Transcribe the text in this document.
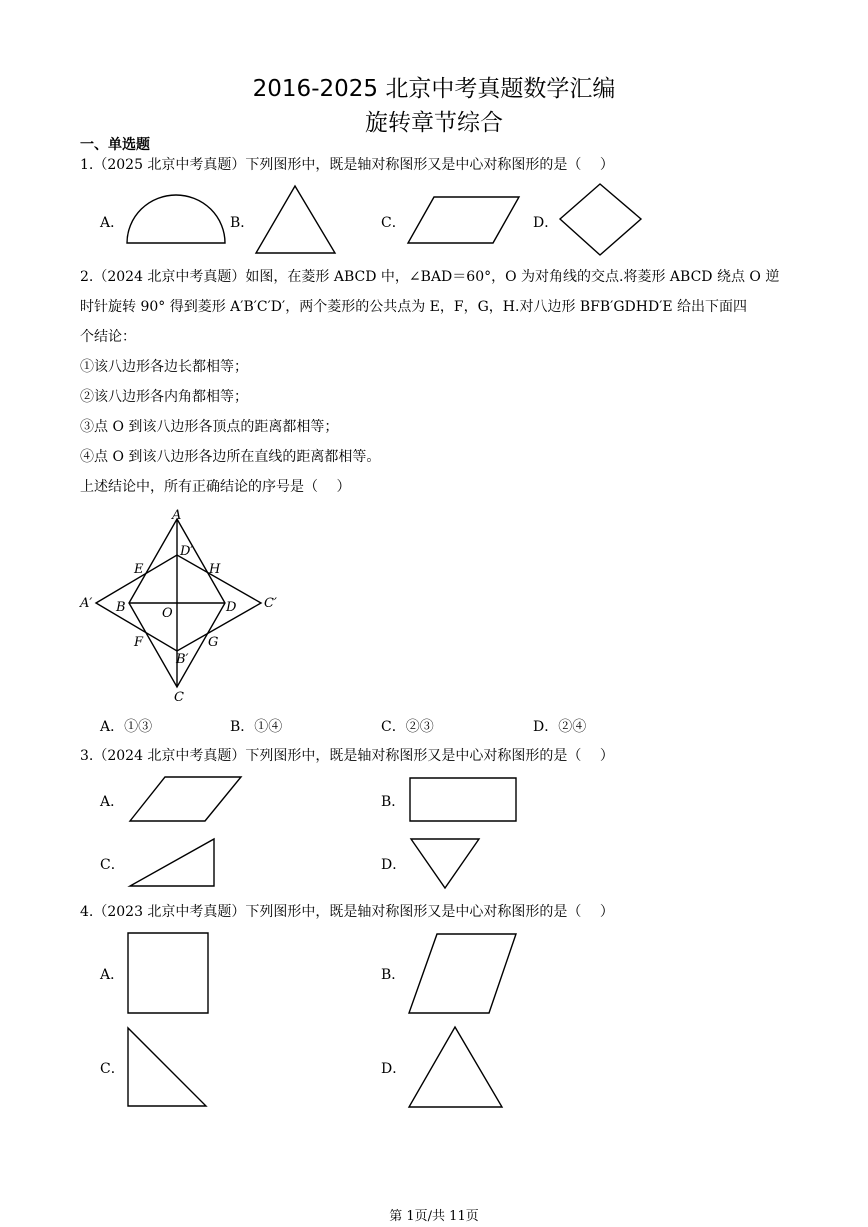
2016-2025 北京中考真题数学汇编
旋转章节综合
一、单选题
1.（2025 北京中考真题）下列图形中，既是轴对称图形又是中心对称图形的是（　 ）
A．	B．	C．	D．
2.（2024 北京中考真题）如图，在菱形 ABCD 中，∠BAD＝60°，O 为对角线的交点.将菱形 ABCD 绕点 O 逆
时针旋转 90° 得到菱形 A′B′C′D′，两个菱形的公共点为 E，F，G，H.对八边形 BFB′GDHD′E 给出下面四
个结论：
①该八边形各边长都相等；
②该八边形各内角都相等；
③点 O 到该八边形各顶点的距离都相等；
④点 O 到该八边形各边所在直线的距离都相等。
上述结论中，所有正确结论的序号是（　 ）
A
D′
E	H
A′ B	O	D C′
F	G
B′
C
A．①③	B．①④	C．②③	D．②④
3.（2024 北京中考真题）下列图形中，既是轴对称图形又是中心对称图形的是（　 ）
A．	B．
C．	D．
4.（2023 北京中考真题）下列图形中，既是轴对称图形又是中心对称图形的是（　 ）
A．	B．
C．	D．
第 1页/共 11页
